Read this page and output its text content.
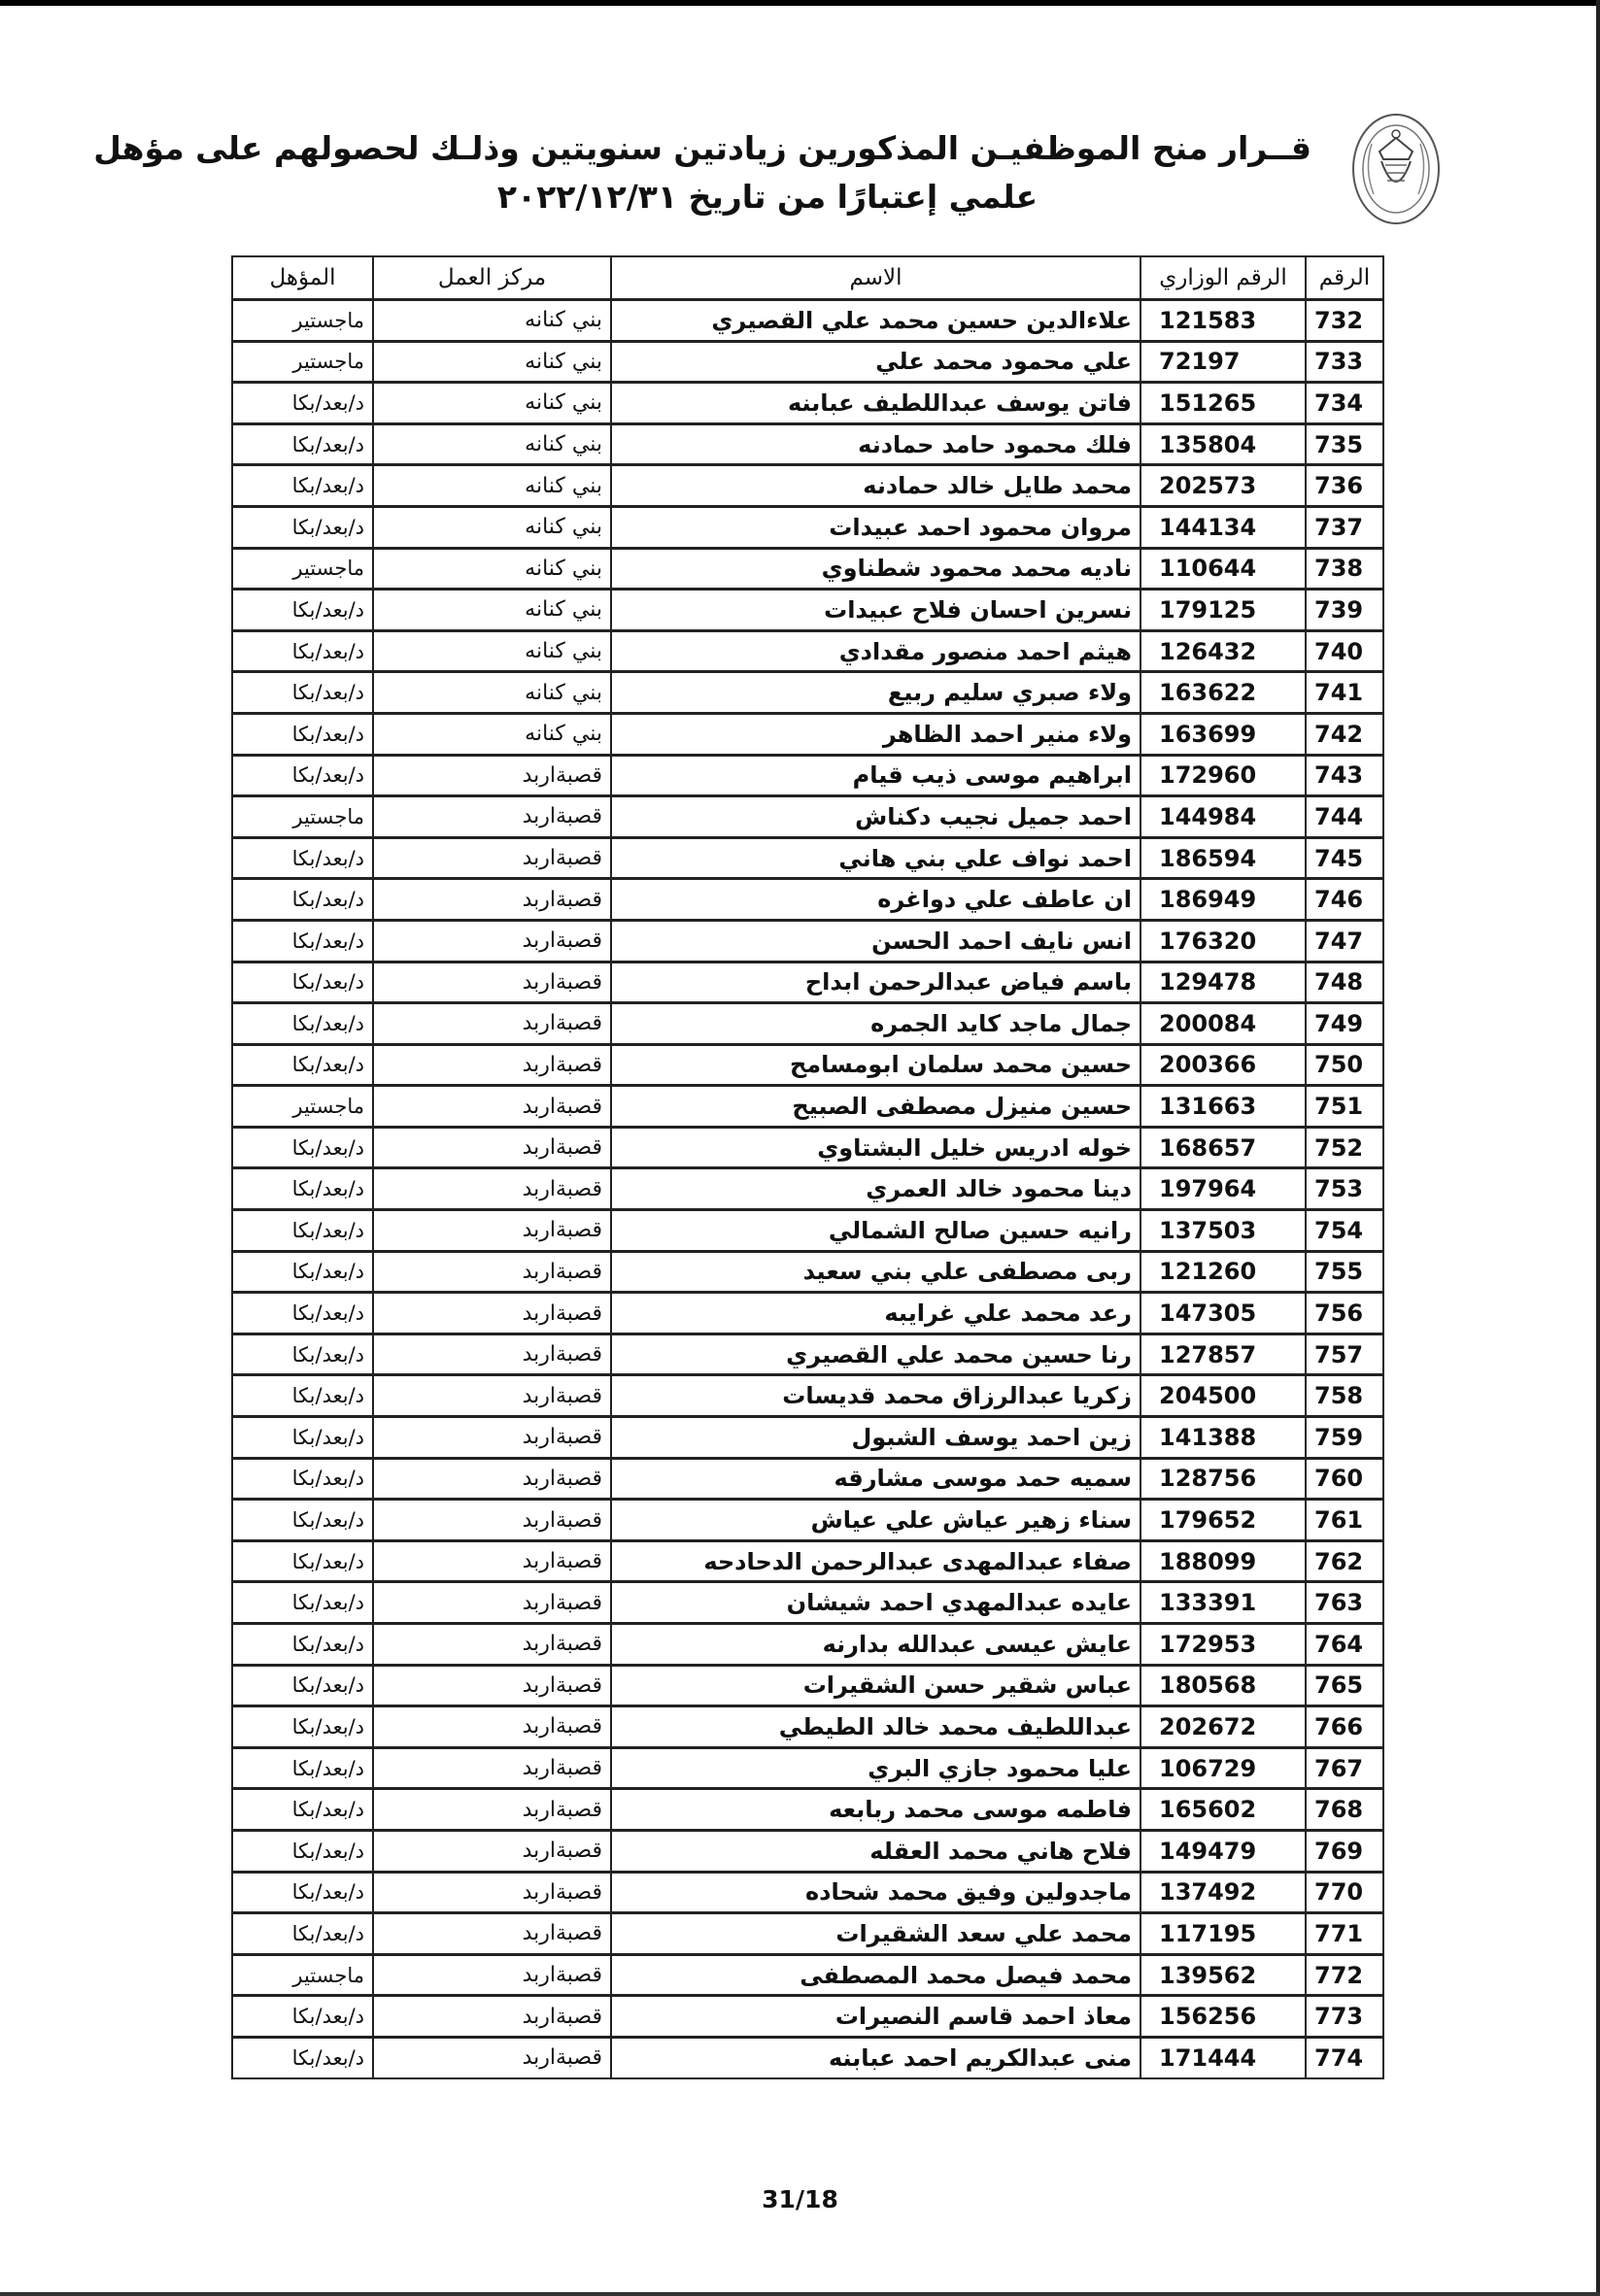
قــرار منح الموظفيـن المذكورين زيادتين سنويتين وذلـك لحصولهم على مؤهل
علمي إعتبارًا من تاريخ ٢٠٢٢/١٢/٣١
الرقم	الرقم الوزاري	الاسم	مركز العمل	المؤهل
732	121583	علاءالدين حسين محمد علي القصيري	بني كنانه	ماجستير
733	72197	علي محمود محمد علي	بني كنانه	ماجستير
734	151265	فاتن يوسف عبداللطيف عبابنه	بني كنانه	د/بعد/بكا
735	135804	فلك محمود حامد حمادنه	بني كنانه	د/بعد/بكا
736	202573	محمد طايل خالد حمادنه	بني كنانه	د/بعد/بكا
737	144134	مروان محمود احمد عبيدات	بني كنانه	د/بعد/بكا
738	110644	ناديه محمد محمود شطناوي	بني كنانه	ماجستير
739	179125	نسرين احسان فلاح عبيدات	بني كنانه	د/بعد/بكا
740	126432	هيثم احمد منصور مقدادي	بني كنانه	د/بعد/بكا
741	163622	ولاء صبري سليم ربيع	بني كنانه	د/بعد/بكا
742	163699	ولاء منير احمد الظاهر	بني كنانه	د/بعد/بكا
743	172960	ابراهيم موسى ذيب قيام	قصبةاربد	د/بعد/بكا
744	144984	احمد جميل نجيب دكناش	قصبةاربد	ماجستير
745	186594	احمد نواف علي بني هاني	قصبةاربد	د/بعد/بكا
746	186949	ان عاطف علي دواغره	قصبةاربد	د/بعد/بكا
747	176320	انس نايف احمد الحسن	قصبةاربد	د/بعد/بكا
748	129478	باسم فياض عبدالرحمن ابداح	قصبةاربد	د/بعد/بكا
749	200084	جمال ماجد كايد الجمره	قصبةاربد	د/بعد/بكا
750	200366	حسين محمد سلمان ابومسامح	قصبةاربد	د/بعد/بكا
751	131663	حسين منيزل مصطفى الصبيح	قصبةاربد	ماجستير
752	168657	خوله ادريس خليل البشتاوي	قصبةاربد	د/بعد/بكا
753	197964	دينا محمود خالد العمري	قصبةاربد	د/بعد/بكا
754	137503	رانيه حسين صالح الشمالي	قصبةاربد	د/بعد/بكا
755	121260	ربى مصطفى علي بني سعيد	قصبةاربد	د/بعد/بكا
756	147305	رعد محمد علي غرايبه	قصبةاربد	د/بعد/بكا
757	127857	رنا حسين محمد علي القصيري	قصبةاربد	د/بعد/بكا
758	204500	زكريا عبدالرزاق محمد قديسات	قصبةاربد	د/بعد/بكا
759	141388	زين احمد يوسف الشبول	قصبةاربد	د/بعد/بكا
760	128756	سميه حمد موسى مشارقه	قصبةاربد	د/بعد/بكا
761	179652	سناء زهير عياش علي عياش	قصبةاربد	د/بعد/بكا
762	188099	صفاء عبدالمهدى عبدالرحمن الدحادحه	قصبةاربد	د/بعد/بكا
763	133391	عايده عبدالمهدي احمد شيشان	قصبةاربد	د/بعد/بكا
764	172953	عايش عيسى عبدالله بدارنه	قصبةاربد	د/بعد/بكا
765	180568	عباس شقير حسن الشقيرات	قصبةاربد	د/بعد/بكا
766	202672	عبداللطيف محمد خالد الطيطي	قصبةاربد	د/بعد/بكا
767	106729	عليا محمود جازي البري	قصبةاربد	د/بعد/بكا
768	165602	فاطمه موسى محمد ربابعه	قصبةاربد	د/بعد/بكا
769	149479	فلاح هاني محمد العقله	قصبةاربد	د/بعد/بكا
770	137492	ماجدولين وفيق محمد شحاده	قصبةاربد	د/بعد/بكا
771	117195	محمد علي سعد الشقيرات	قصبةاربد	د/بعد/بكا
772	139562	محمد فيصل محمد المصطفى	قصبةاربد	ماجستير
773	156256	معاذ احمد قاسم النصيرات	قصبةاربد	د/بعد/بكا
774	171444	منى عبدالكريم احمد عبابنه	قصبةاربد	د/بعد/بكا
31/18
